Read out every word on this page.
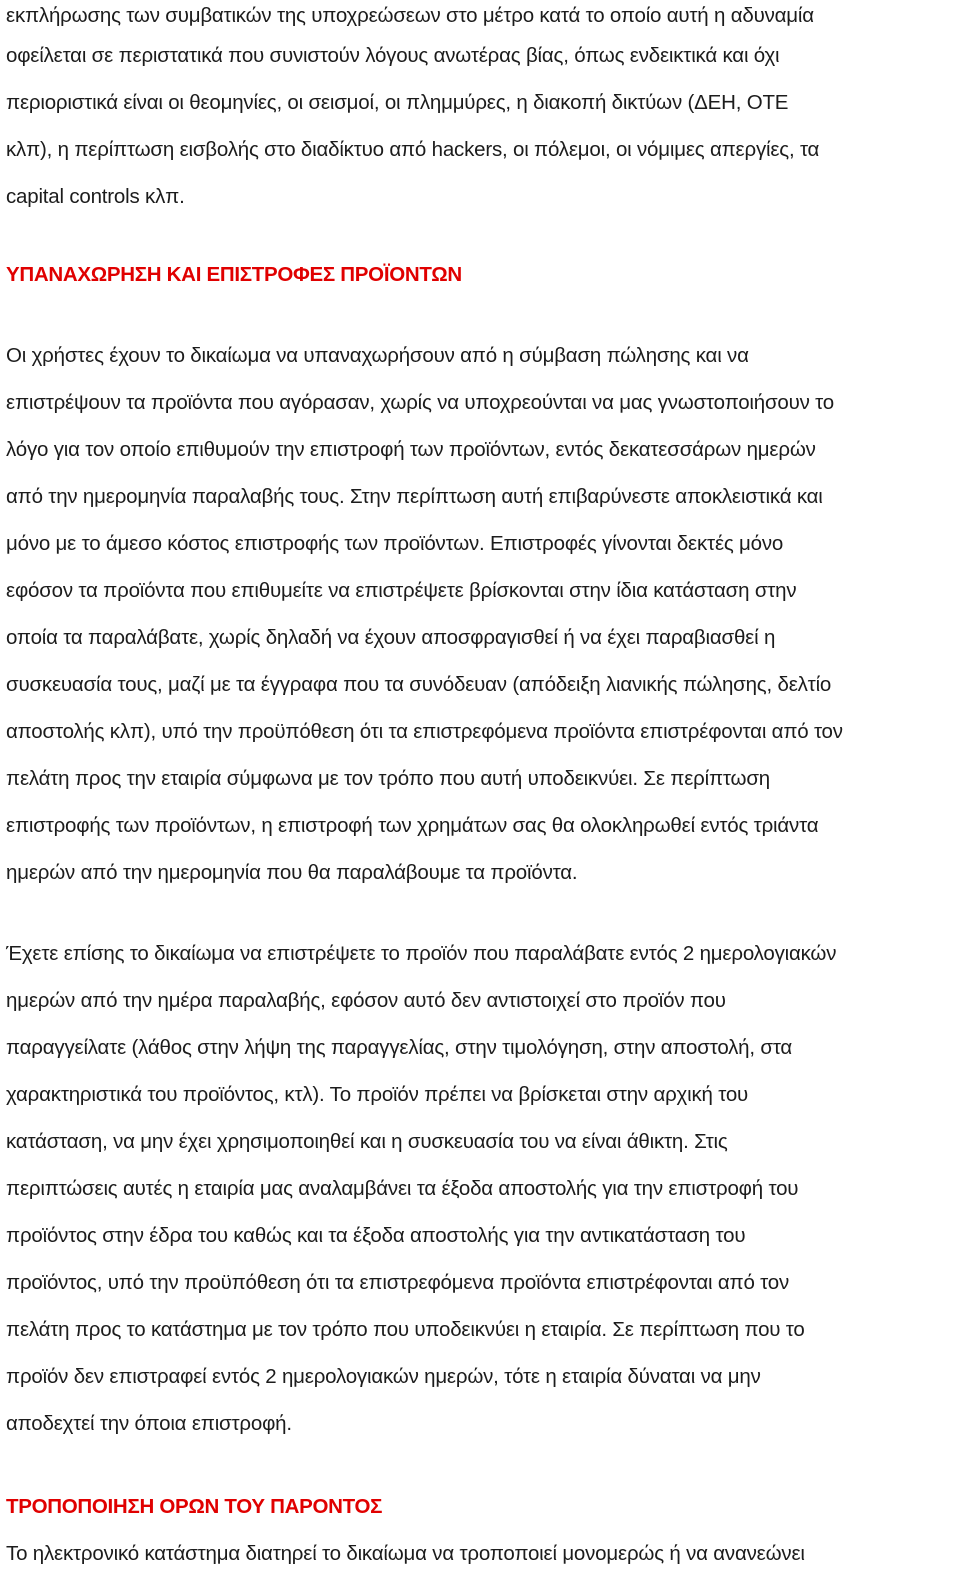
εκπλήρωσης των συμβατικών της υποχρεώσεων στο μέτρο κατά το οποίο αυτή η αδυναμία
οφείλεται σε περιστατικά που συνιστούν λόγους ανωτέρας βίας, όπως ενδεικτικά και όχι
περιοριστικά είναι οι θεομηνίες, οι σεισμοί, οι πλημμύρες, η διακοπή δικτύων (ΔΕΗ, ΟΤΕ
κλπ), η περίπτωση εισβολής στο διαδίκτυο από hackers, οι πόλεμοι, οι νόμιμες απεργίες, τα
capital controls κλπ.
ΥΠΑΝΑΧΩΡΗΣΗ ΚΑΙ ΕΠΙΣΤΡΟΦΕΣ ΠΡΟΪΟΝΤΩΝ
Οι χρήστες έχουν το δικαίωμα να υπαναχωρήσουν από η σύμβαση πώλησης και να
επιστρέψουν τα προϊόντα που αγόρασαν, χωρίς να υποχρεούνται να μας γνωστοποιήσουν το
λόγο για τον οποίο επιθυμούν την επιστροφή των προϊόντων, εντός δεκατεσσάρων ημερών
από την ημερομηνία παραλαβής τους. Στην περίπτωση αυτή επιβαρύνεστε αποκλειστικά και
μόνο με το άμεσο κόστος επιστροφής των προϊόντων. Επιστροφές γίνονται δεκτές μόνο
εφόσον τα προϊόντα που επιθυμείτε να επιστρέψετε βρίσκονται στην ίδια κατάσταση στην
οποία τα παραλάβατε, χωρίς δηλαδή να έχουν αποσφραγισθεί ή να έχει παραβιασθεί η
συσκευασία τους, μαζί με τα έγγραφα που τα συνόδευαν (απόδειξη λιανικής πώλησης, δελτίο
αποστολής κλπ), υπό την προϋπόθεση ότι τα επιστρεφόμενα προϊόντα επιστρέφονται από τον
πελάτη προς την εταιρία σύμφωνα με τον τρόπο που αυτή υποδεικνύει. Σε περίπτωση
επιστροφής των προϊόντων, η επιστροφή των χρημάτων σας θα ολοκληρωθεί εντός τριάντα
ημερών από την ημερομηνία που θα παραλάβουμε τα προϊόντα.
Έχετε επίσης το δικαίωμα να επιστρέψετε το προϊόν που παραλάβατε εντός 2 ημερολογιακών
ημερών από την ημέρα παραλαβής, εφόσον αυτό δεν αντιστοιχεί στο προϊόν που
παραγγείλατε (λάθος στην λήψη της παραγγελίας, στην τιμολόγηση, στην αποστολή, στα
χαρακτηριστικά του προϊόντος, κτλ). Το προϊόν πρέπει να βρίσκεται στην αρχική του
κατάσταση, να μην έχει χρησιμοποιηθεί και η συσκευασία του να είναι άθικτη. Στις
περιπτώσεις αυτές η εταιρία μας αναλαμβάνει τα έξοδα αποστολής για την επιστροφή του
προϊόντος στην έδρα του καθώς και τα έξοδα αποστολής για την αντικατάσταση του
προϊόντος, υπό την προϋπόθεση ότι τα επιστρεφόμενα προϊόντα επιστρέφονται από τον
πελάτη προς το κατάστημα με τον τρόπο που υποδεικνύει η εταιρία. Σε περίπτωση που το
προϊόν δεν επιστραφεί εντός 2 ημερολογιακών ημερών, τότε η εταιρία δύναται να μην
αποδεχτεί την όποια επιστροφή.
ΤΡΟΠΟΠΟΙΗΣΗ ΟΡΩΝ ΤΟΥ ΠΑΡΟΝΤΟΣ
Το ηλεκτρονικό κατάστημα διατηρεί το δικαίωμα να τροποποιεί μονομερώς ή να ανανεώνει
